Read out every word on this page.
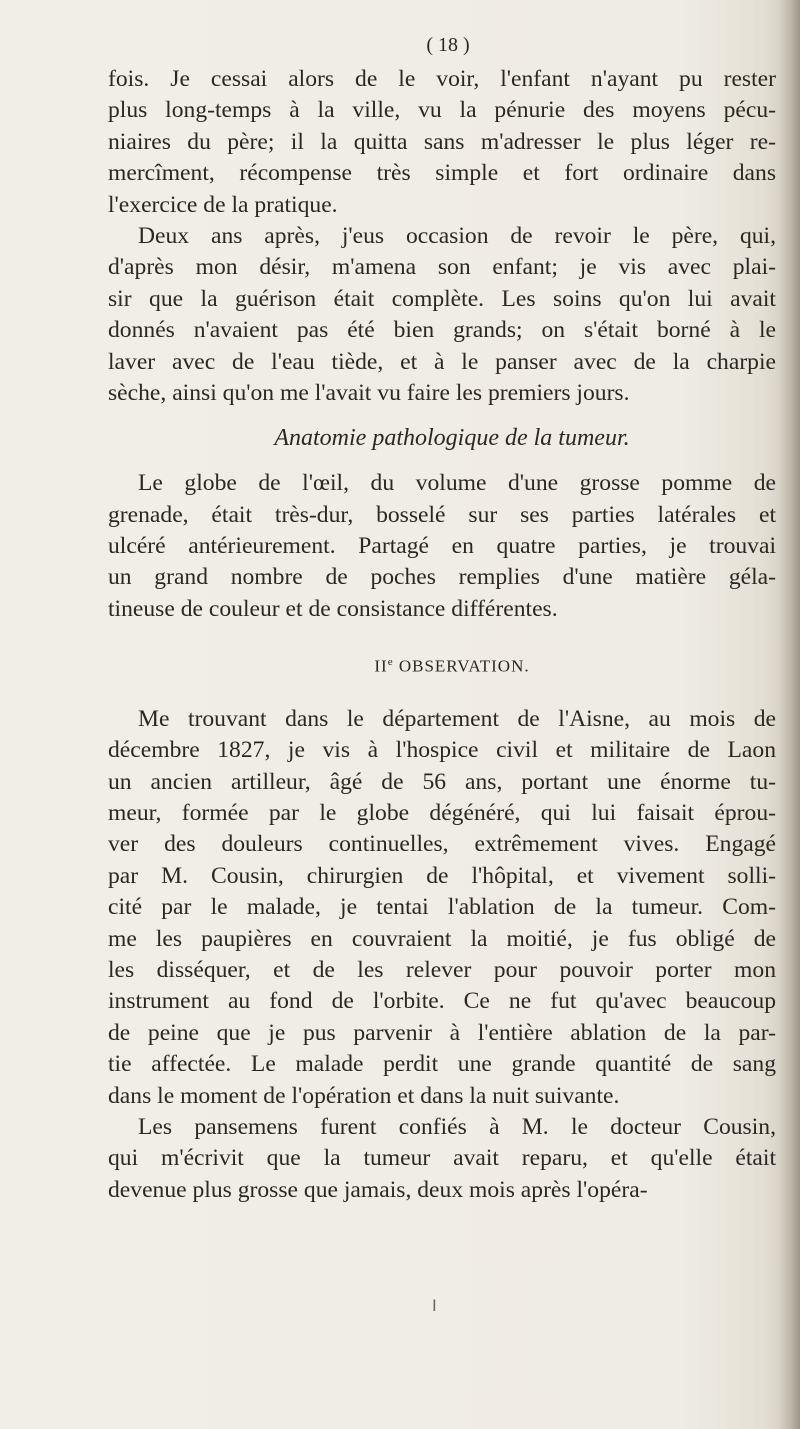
( 18 )
fois. Je cessai alors de le voir, l'enfant n'ayant pu rester
plus long-temps à la ville, vu la pénurie des moyens pécu-
niaires du père; il la quitta sans m'adresser le plus léger re-
mercîment, récompense très simple et fort ordinaire dans
l'exercice de la pratique.
Deux ans après, j'eus occasion de revoir le père, qui,
d'après mon désir, m'amena son enfant; je vis avec plai-
sir que la guérison était complète. Les soins qu'on lui avait
donnés n'avaient pas été bien grands; on s'était borné à le
laver avec de l'eau tiède, et à le panser avec de la charpie
sèche, ainsi qu'on me l'avait vu faire les premiers jours.
Anatomie pathologique de la tumeur.
Le globe de l'œil, du volume d'une grosse pomme de
grenade, était très-dur, bosselé sur ses parties latérales et
ulcéré antérieurement. Partagé en quatre parties, je trouvai
un grand nombre de poches remplies d'une matière géla-
tineuse de couleur et de consistance différentes.
IIe OBSERVATION.
Me trouvant dans le département de l'Aisne, au mois de
décembre 1827, je vis à l'hospice civil et militaire de Laon
un ancien artilleur, âgé de 56 ans, portant une énorme tu-
meur, formée par le globe dégénéré, qui lui faisait éprou-
ver des douleurs continuelles, extrêmement vives. Engagé
par M. Cousin, chirurgien de l'hôpital, et vivement solli-
cité par le malade, je tentai l'ablation de la tumeur. Com-
me les paupières en couvraient la moitié, je fus obligé de
les disséquer, et de les relever pour pouvoir porter mon
instrument au fond de l'orbite. Ce ne fut qu'avec beaucoup
de peine que je pus parvenir à l'entière ablation de la par-
tie affectée. Le malade perdit une grande quantité de sang
dans le moment de l'opération et dans la nuit suivante.
Les pansemens furent confiés à M. le docteur Cousin,
qui m'écrivit que la tumeur avait reparu, et qu'elle était
devenue plus grosse que jamais, deux mois après l'opéra-
I
